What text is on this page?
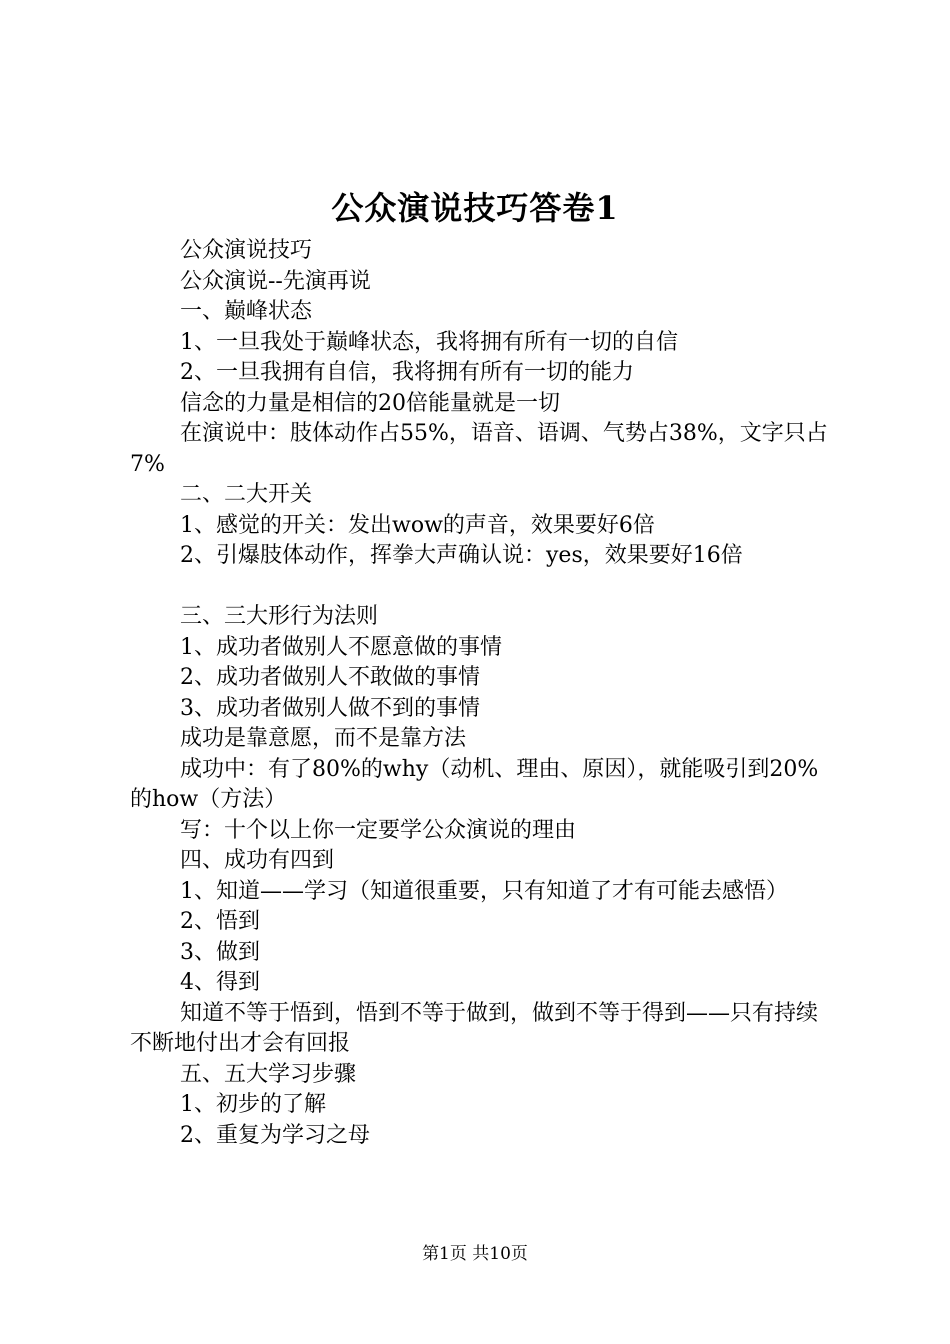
公众演说技巧答卷1

公众演说技巧

公众演说--先演再说

一、巅峰状态

1、一旦我处于巅峰状态，我将拥有所有一切的自信

2、一旦我拥有自信，我将拥有所有一切的能力

信念的力量是相信的20倍能量就是一切

在演说中：肢体动作占55%，语音、语调、气势占38%，文字只占7%

二、二大开关

1、感觉的开关：发出wow的声音，效果要好6倍

2、引爆肢体动作，挥拳大声确认说：yes，效果要好16倍

三、三大形行为法则

1、成功者做别人不愿意做的事情

2、成功者做别人不敢做的事情

3、成功者做别人做不到的事情

成功是靠意愿，而不是靠方法

成功中：有了80%的why（动机、理由、原因），就能吸引到20%的how（方法）

写：十个以上你一定要学公众演说的理由

四、成功有四到

1、知道——学习（知道很重要，只有知道了才有可能去感悟）

2、悟到

3、做到

4、得到

知道不等于悟到，悟到不等于做到，做到不等于得到——只有持续不断地付出才会有回报

五、五大学习步骤

1、初步的了解

2、重复为学习之母

第1页 共10页
